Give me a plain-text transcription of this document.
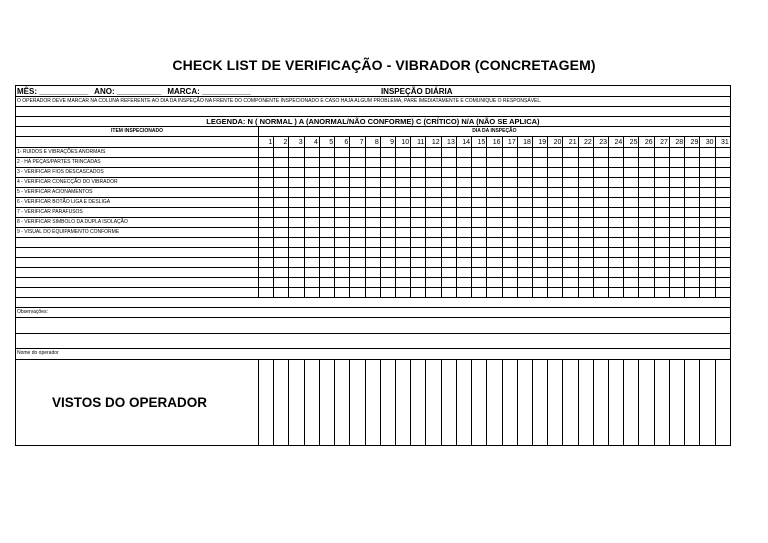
CHECK LIST DE VERIFICAÇÃO - VIBRADOR (CONCRETAGEM)
MÊS: ___________ ANO: __________ MARCA: ___________ INSPEÇÃO DIÁRIA																															

O OPERADOR DEVE MARCAR NA COLUNA REFERENTE AO DIA DA INSPEÇÃO NA FRENTE DO COMPONENTE INSPECIONADO E CASO HAJA ALGUM PROBLEMA, PARE IMEDIATAMENTE E COMUNIQUE O RESPONSÁVEL.																															

LEGENDA: N ( NORMAL ) A (ANORMAL/NÃO CONFORME) C (CRÍTICO) N/A (NÃO SE APLICA)																															
ITEM INSPECIONADO	DIA DA INSPEÇÃO																														
	1	2	3	4	5	6	7	8	9	10	11	12	13	14	15	16	17	18	19	20	21	22	23	24	25	26	27	28	29	30	31
1- RUIDOS E VIBRAÇÕES ANORMAIS																															
2 - HÁ PEÇAS/PARTES TRINCADAS																															
3 - VERIFICAR FIOS DESCASCADOS																															
4 - VERIFICAR CONECÇÃO DO VIBRADOR																															
5 - VERIFICAR ACIONAMENTOS																															
6 - VERIFICAR BOTÃO LIGA E DESLIGA																															
7 - VERIFICAR PARAFUSOS																															
8 - VERIFICAR SIMBOLO DA DUPLA ISOLAÇÃO																															
9 - VISUAL DO EQUIPAMENTO CONFORME																															

Observações:																															

Nome do operador																															
VISTOS DO OPERADOR																															
